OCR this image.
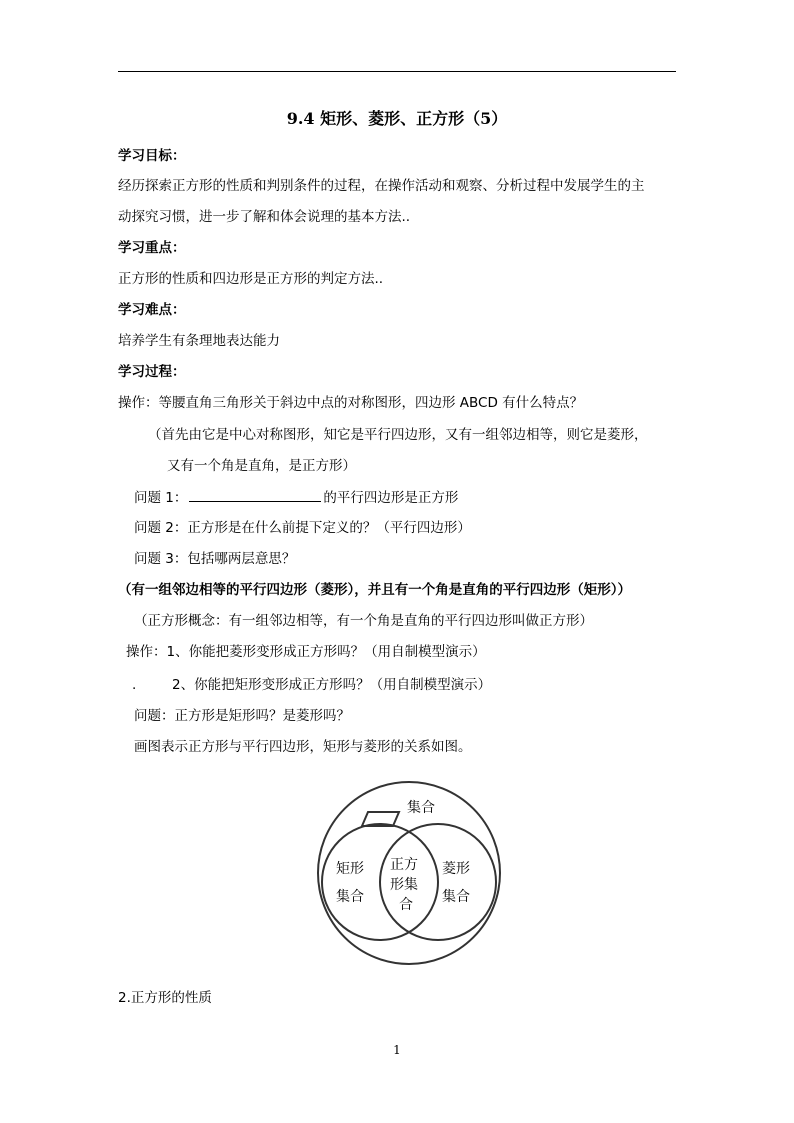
9.4 矩形、菱形、正方形（5）
学习目标：
经历探索正方形的性质和判别条件的过程，在操作活动和观察、分析过程中发展学生的主
动探究习惯，进一步了解和体会说理的基本方法..
学习重点：
正方形的性质和四边形是正方形的判定方法..
学习难点：
培养学生有条理地表达能力
学习过程：
操作：等腰直角三角形关于斜边中点的对称图形，四边形 ABCD 有什么特点？
（首先由它是中心对称图形，知它是平行四边形，又有一组邻边相等，则它是菱形，
又有一个角是直角，是正方形）
问题 1：	的平行四边形是正方形
问题 2：正方形是在什么前提下定义的？（平行四边形）
问题 3：包括哪两层意思？
（有一组邻边相等的平行四边形（菱形），并且有一个角是直角的平行四边形（矩形））
（正方形概念：有一组邻边相等，有一个角是直角的平行四边形叫做正方形）
操作：1、你能把菱形变形成正方形吗？（用自制模型演示）
.	2、你能把矩形变形成正方形吗？（用自制模型演示）
问题：正方形是矩形吗？是菱形吗？
画图表示正方形与平行四边形，矩形与菱形的关系如图。
集合
矩形
集合
正方
形集
合
菱形
集合
2.正方形的性质
1
